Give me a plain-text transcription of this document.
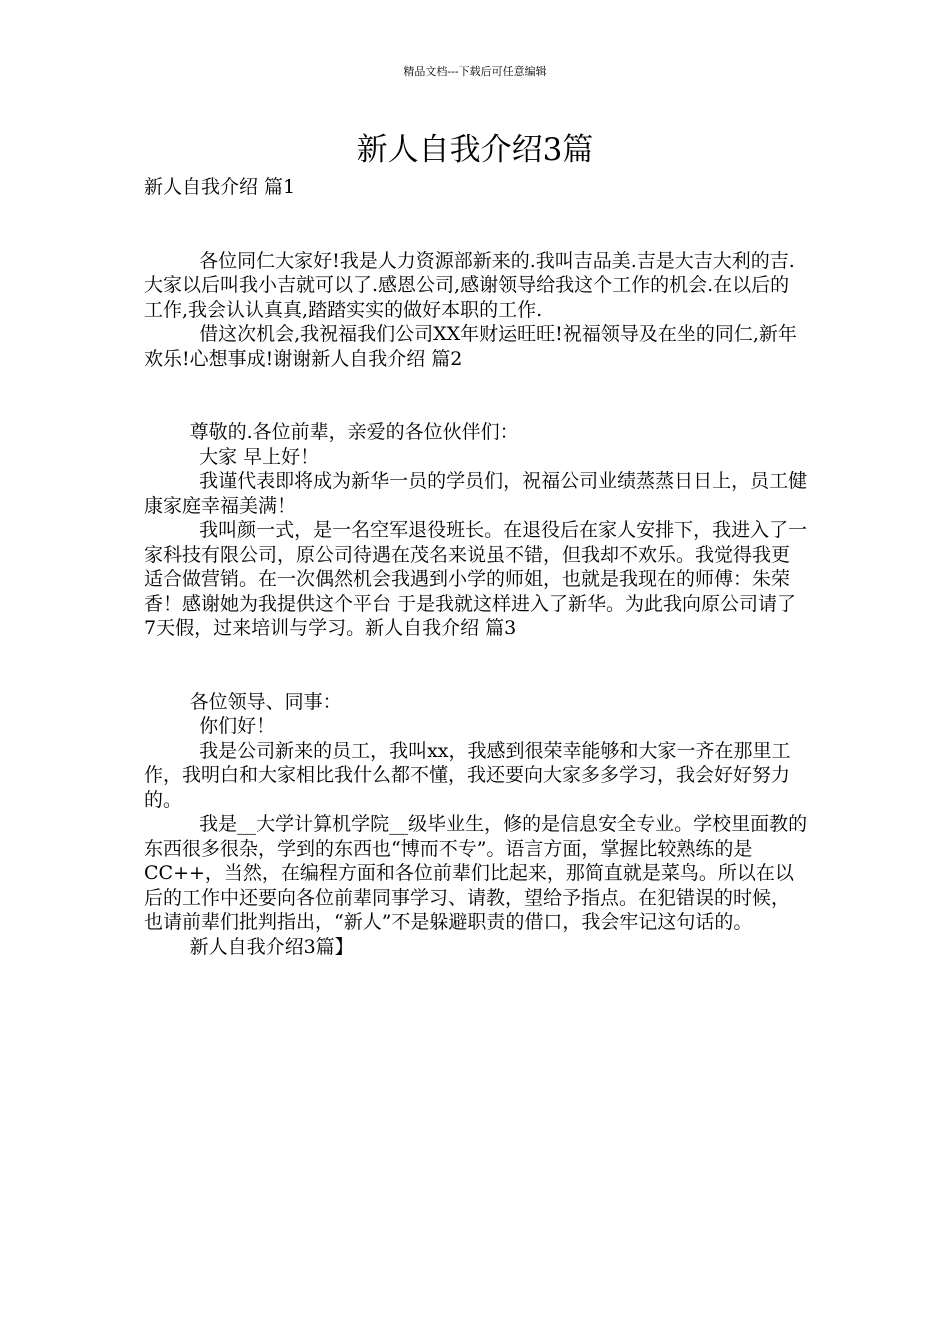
精品文档---下载后可任意编辑
新人自我介绍3篇

新人自我介绍 篇1

各位同仁大家好!我是人力资源部新来的.我叫吉品美.吉是大吉大利的吉.大家以后叫我小吉就可以了.感恩公司,感谢领导给我这个工作的机会.在以后的工作,我会认认真真,踏踏实实的做好本职的工作.

借这次机会,我祝福我们公司XX年财运旺旺!祝福领导及在坐的同仁,新年欢乐!心想事成!谢谢新人自我介绍 篇2

尊敬的.各位前辈，亲爱的各位伙伴们：

大家 早上好！

我谨代表即将成为新华一员的学员们，祝福公司业绩蒸蒸日日上，员工健康家庭幸福美满！

我叫颜一式，是一名空军退役班长。在退役后在家人安排下，我进入了一家科技有限公司，原公司待遇在茂名来说虽不错，但我却不欢乐。我觉得我更适合做营销。在一次偶然机会我遇到小学的师姐，也就是我现在的师傅：朱荣香！感谢她为我提供这个平台 于是我就这样进入了新华。为此我向原公司请了7天假，过来培训与学习。新人自我介绍 篇3

各位领导、同事：

你们好！

我是公司新来的员工，我叫xx，我感到很荣幸能够和大家一齐在那里工作，我明白和大家相比我什么都不懂，我还要向大家多多学习，我会好好努力的。

我是__大学计算机学院__级毕业生，修的是信息安全专业。学校里面教的东西很多很杂，学到的东西也“博而不专”。语言方面，掌握比较熟练的是CC++，当然，在编程方面和各位前辈们比起来，那简直就是菜鸟。所以在以后的工作中还要向各位前辈同事学习、请教，望给予指点。在犯错误的时候，也请前辈们批判指出，“新人”不是躲避职责的借口，我会牢记这句话的。

新人自我介绍3篇】
